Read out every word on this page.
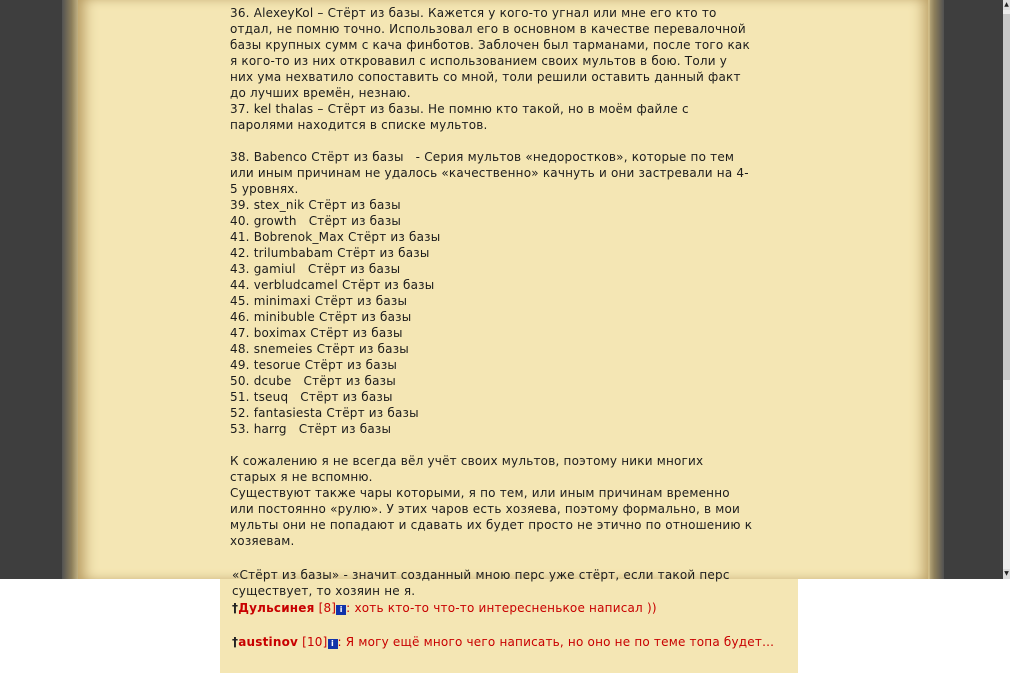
36. AlexeyKol – Стёрт из базы. Кажется у кого-то угнал или мне его кто то
отдал, не помню точно. Использовал его в основном в качестве перевалочной
базы крупных сумм с кача финботов. Заблочен был тарманами, после того как
я кого-то из них откровавил с использованием своих мультов в бою. Толи у
них ума нехватило сопоставить со мной, толи решили оставить данный факт
до лучших времён, незнаю.
37. kel thalas – Стёрт из базы. Не помню кто такой, но в моём файле с
паролями находится в списке мультов.
38. Babenco Стёрт из базы   - Серия мультов «недоростков», которые по тем
или иным причинам не удалось «качественно» качнуть и они застревали на 4-
5 уровнях.
39. stex_nik Стёрт из базы
40. growth   Стёрт из базы
41. Bobrenok_Max Стёрт из базы
42. trilumbabam Стёрт из базы
43. gamiul   Стёрт из базы
44. verbludcamel Стёрт из базы
45. minimaxi Стёрт из базы
46. minibuble Стёрт из базы
47. boximax Стёрт из базы
48. snemeies Стёрт из базы
49. tesorue Стёрт из базы
50. dcube   Стёрт из базы
51. tseuq   Стёрт из базы
52. fantasiesta Стёрт из базы
53. harrg   Стёрт из базы
К сожалению я не всегда вёл учёт своих мультов, поэтому ники многих
старых я не вспомню.
Существуют также чары которыми, я по тем, или иным причинам временно
или постоянно «рулю». У этих чаров есть хозяева, поэтому формально, в мои
мульты они не попадают и сдавать их будет просто не этично по отношению к
хозяевам.
▲
▼
«Стёрт из базы» - значит созданный мною перс уже стёрт, если такой перс
существует, то хозяин не я.
†Дульсинея [8] i : хоть кто-то что-то интересненькое написал ))
†austinov [10] i : Я могу ещё много чего написать, но оно не по теме топа будет...
